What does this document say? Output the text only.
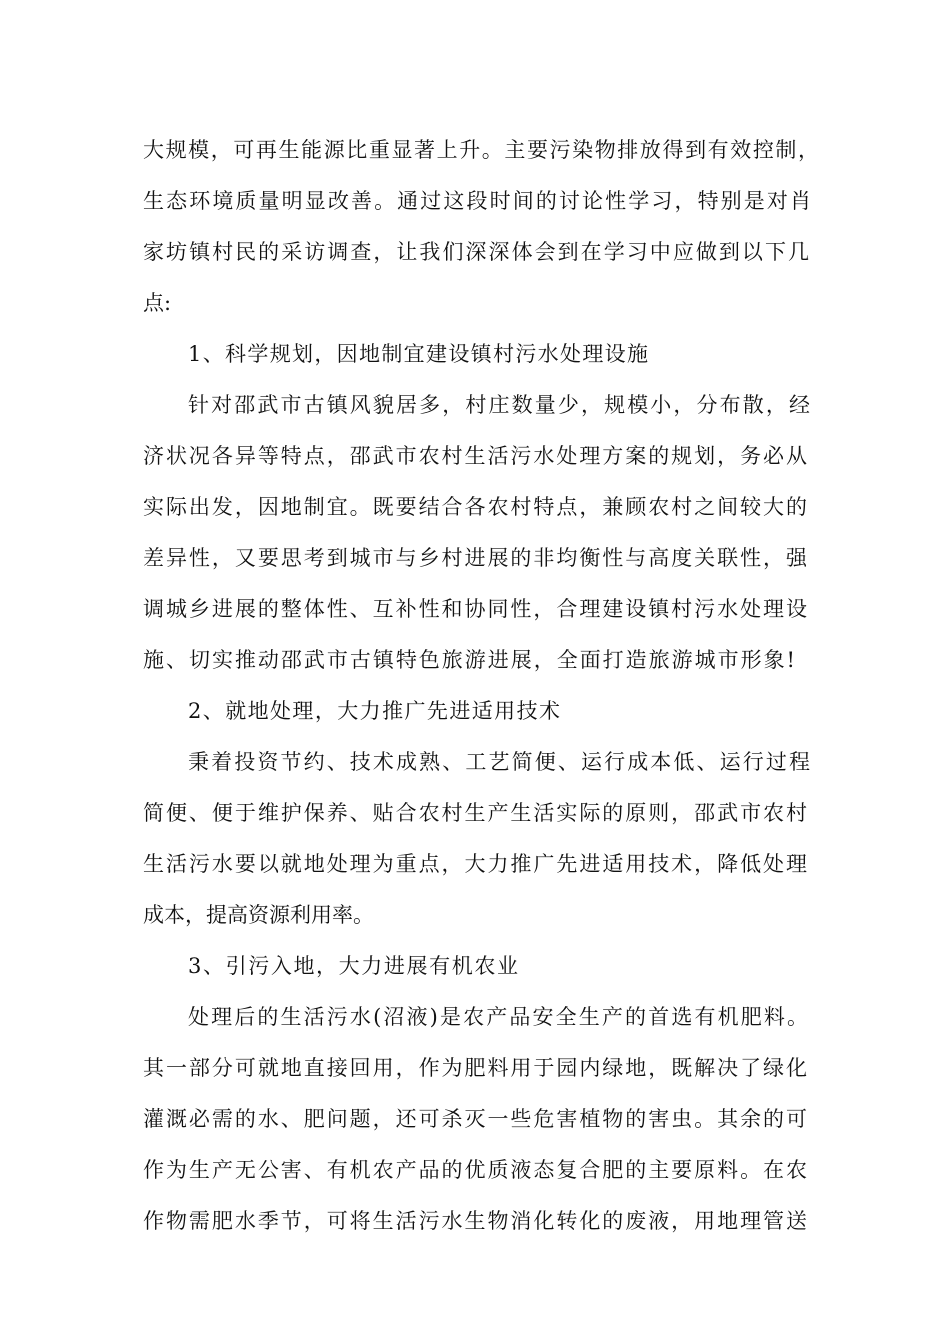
大规模，可再生能源比重显著上升。主要污染物排放得到有效控制，
生态环境质量明显改善。通过这段时间的讨论性学习，特别是对肖
家坊镇村民的采访调查，让我们深深体会到在学习中应做到以下几
点:
1、科学规划，因地制宜建设镇村污水处理设施
针对邵武市古镇风貌居多，村庄数量少，规模小，分布散，经
济状况各异等特点，邵武市农村生活污水处理方案的规划，务必从
实际出发，因地制宜。既要结合各农村特点，兼顾农村之间较大的
差异性，又要思考到城市与乡村进展的非均衡性与高度关联性，强
调城乡进展的整体性、互补性和协同性，合理建设镇村污水处理设
施、切实推动邵武市古镇特色旅游进展，全面打造旅游城市形象!
2、就地处理，大力推广先进适用技术
秉着投资节约、技术成熟、工艺简便、运行成本低、运行过程
简便、便于维护保养、贴合农村生产生活实际的原则，邵武市农村
生活污水要以就地处理为重点，大力推广先进适用技术，降低处理
成本，提高资源利用率。
3、引污入地，大力进展有机农业
处理后的生活污水(沼液)是农产品安全生产的首选有机肥料。
其一部分可就地直接回用，作为肥料用于园内绿地，既解决了绿化
灌溉必需的水、肥问题，还可杀灭一些危害植物的害虫。其余的可
作为生产无公害、有机农产品的优质液态复合肥的主要原料。在农
作物需肥水季节，可将生活污水生物消化转化的废液，用地理管送
